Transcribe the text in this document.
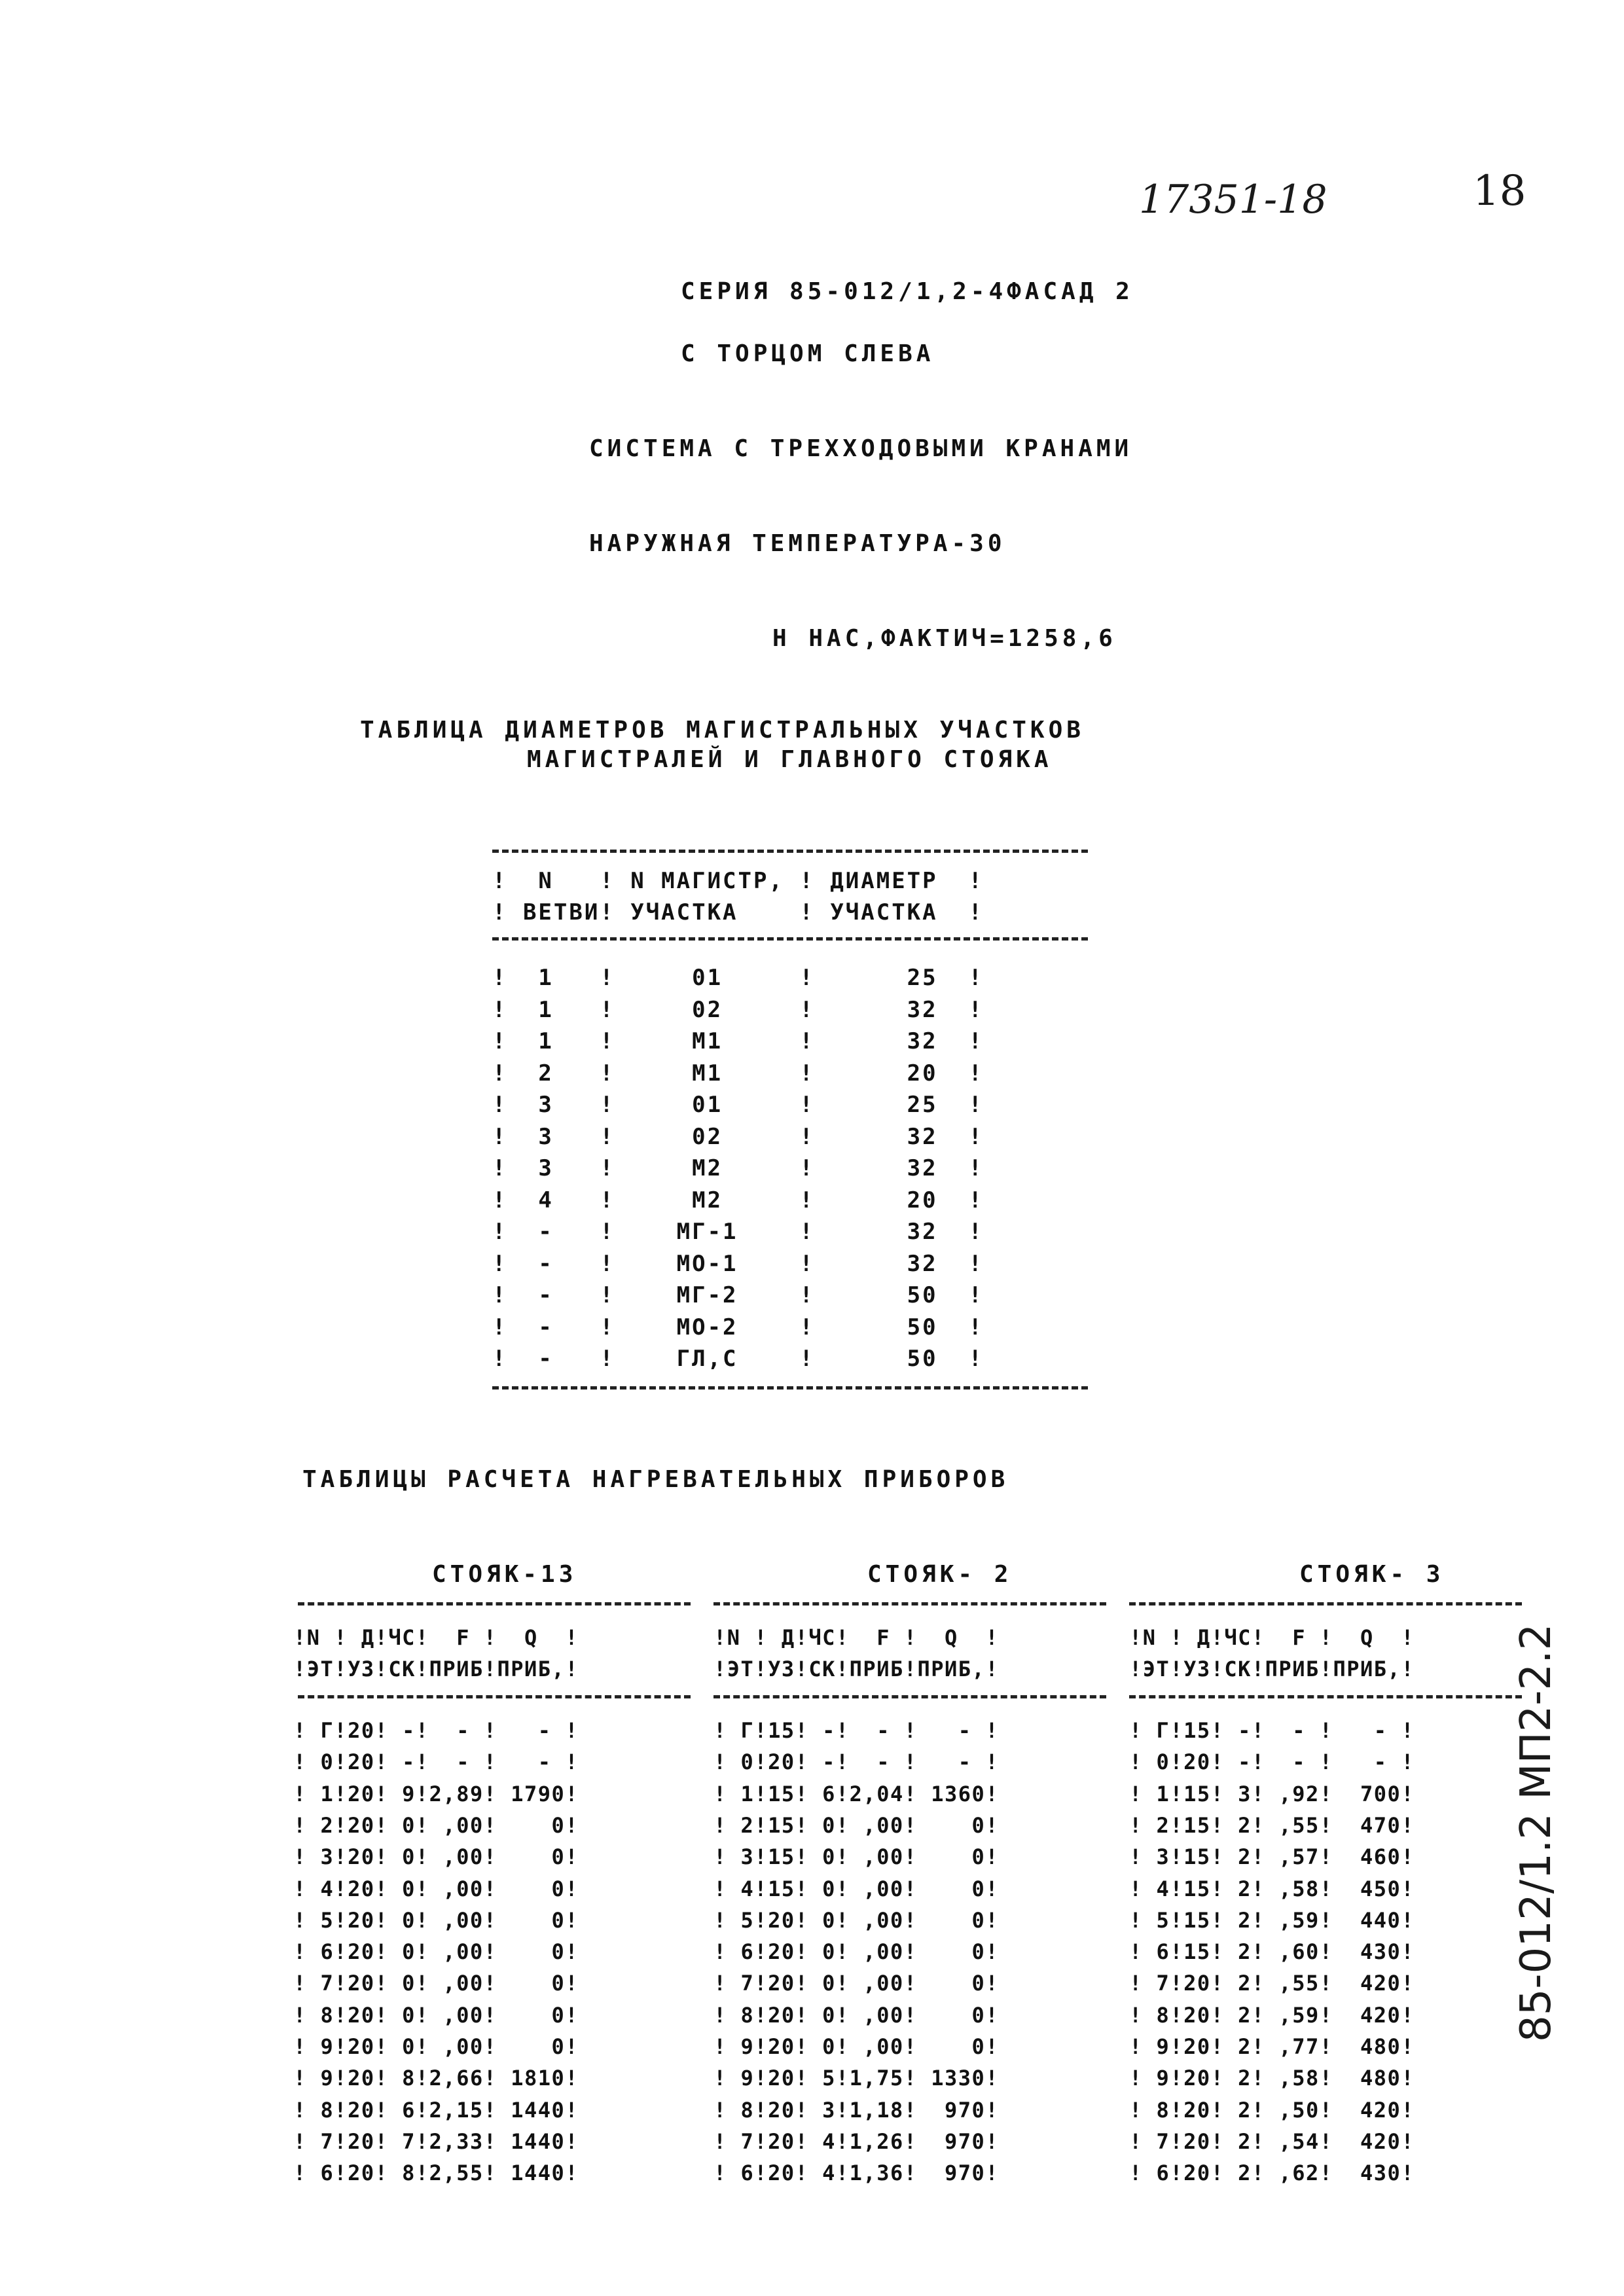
17351-18	18
СЕРИЯ 85-012/1,2-4ФАСАД 2
С ТОРЦОМ СЛЕВА
СИСТЕМА С ТРЕХХОДОВЫМИ КРАНАМИ
НАРУЖНАЯ ТЕМПЕРАТУРА-30
Н НАС,ФАКТИЧ=1258,6
ТАБЛИЦА ДИАМЕТРОВ МАГИСТРАЛЬНЫХ УЧАСТКОВ
МАГИСТРАЛЕЙ И ГЛАВНОГО СТОЯКА
!  N   ! N МАГИСТР, ! ДИАМЕТР  !
! ВЕТВИ! УЧАСТКА    ! УЧАСТКА  !
!  1   !     01     !      25  !
!  1   !     02     !      32  !
!  1   !     М1     !      32  !
!  2   !     М1     !      20  !
!  3   !     01     !      25  !
!  3   !     02     !      32  !
!  3   !     М2     !      32  !
!  4   !     М2     !      20  !
!  -   !    МГ-1    !      32  !
!  -   !    МО-1    !      32  !
!  -   !    МГ-2    !      50  !
!  -   !    МО-2    !      50  !
!  -   !    ГЛ,С    !      50  !
ТАБЛИЦЫ РАСЧЕТА НАГРЕВАТЕЛЬНЫХ ПРИБОРОВ
СТОЯК-13	СТОЯК- 2	СТОЯК- 3
!N ! Д!ЧС!  F !  Q  !
!ЭТ!УЗ!СК!ПРИБ!ПРИБ,!
! Г!20! -!  - !   - !
! 0!20! -!  - !   - !
! 1!20! 9!2,89! 1790!
! 2!20! 0! ,00!    0!
! 3!20! 0! ,00!    0!
! 4!20! 0! ,00!    0!
! 5!20! 0! ,00!    0!
! 6!20! 0! ,00!    0!
! 7!20! 0! ,00!    0!
! 8!20! 0! ,00!    0!
! 9!20! 0! ,00!    0!
! 9!20! 8!2,66! 1810!
! 8!20! 6!2,15! 1440!
! 7!20! 7!2,33! 1440!
! 6!20! 8!2,55! 1440!
!N ! Д!ЧС!  F !  Q  !
!ЭТ!УЗ!СК!ПРИБ!ПРИБ,!
! Г!15! -!  - !   - !
! 0!20! -!  - !   - !
! 1!15! 6!2,04! 1360!
! 2!15! 0! ,00!    0!
! 3!15! 0! ,00!    0!
! 4!15! 0! ,00!    0!
! 5!20! 0! ,00!    0!
! 6!20! 0! ,00!    0!
! 7!20! 0! ,00!    0!
! 8!20! 0! ,00!    0!
! 9!20! 0! ,00!    0!
! 9!20! 5!1,75! 1330!
! 8!20! 3!1,18!  970!
! 7!20! 4!1,26!  970!
! 6!20! 4!1,36!  970!
!N ! Д!ЧС!  F !  Q  !
!ЭТ!УЗ!СК!ПРИБ!ПРИБ,!
! Г!15! -!  - !   - !
! 0!20! -!  - !   - !
! 1!15! 3! ,92!  700!
! 2!15! 2! ,55!  470!
! 3!15! 2! ,57!  460!
! 4!15! 2! ,58!  450!
! 5!15! 2! ,59!  440!
! 6!15! 2! ,60!  430!
! 7!20! 2! ,55!  420!
! 8!20! 2! ,59!  420!
! 9!20! 2! ,77!  480!
! 9!20! 2! ,58!  480!
! 8!20! 2! ,50!  420!
! 7!20! 2! ,54!  420!
! 6!20! 2! ,62!  430!
85-012/1.2 МП2-2.2
